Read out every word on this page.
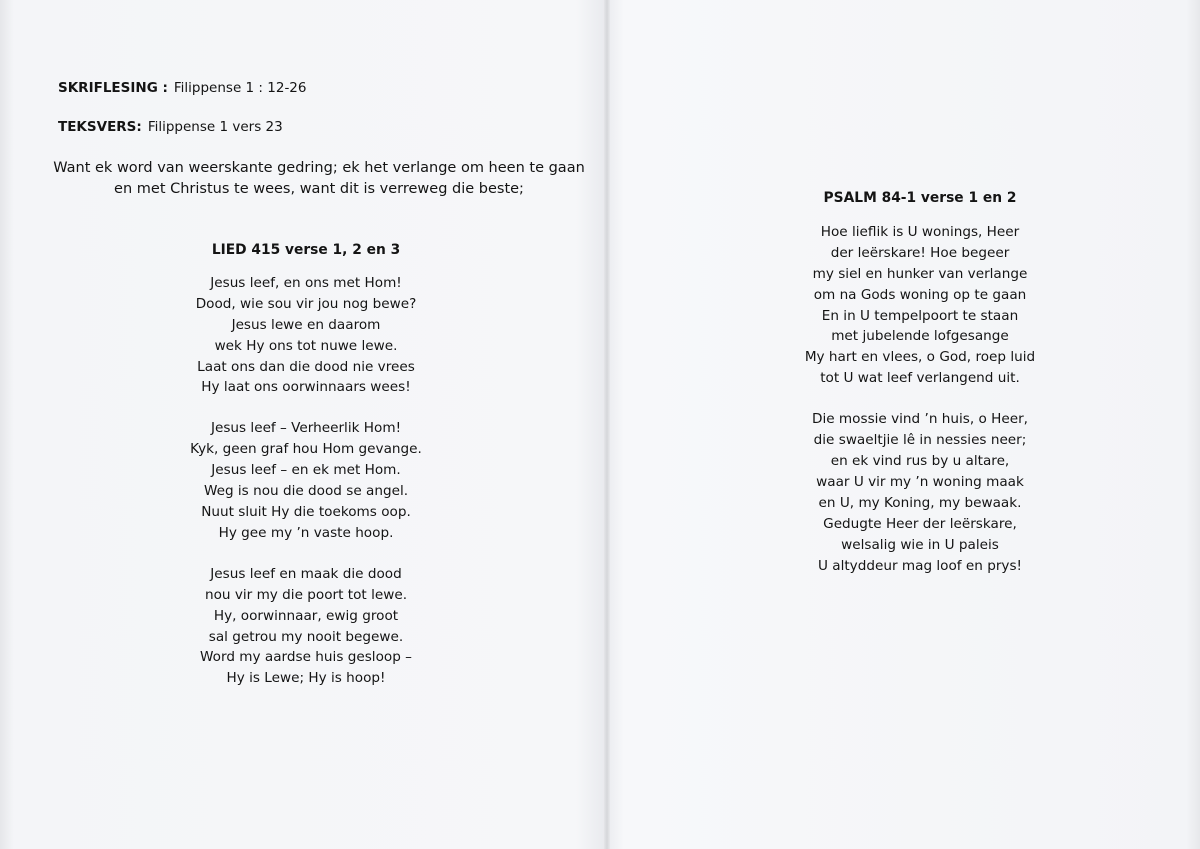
SKRIFLESING : Filippense 1 : 12-26
TEKSVERS: Filippense 1 vers 23
Want ek word van weerskante gedring; ek het verlange om heen te gaan
en met Christus te wees, want dit is verreweg die beste;
LIED 415 verse 1, 2 en 3
Jesus leef, en ons met Hom!
Dood, wie sou vir jou nog bewe?
Jesus lewe en daarom
wek Hy ons tot nuwe lewe.
Laat ons dan die dood nie vrees
Hy laat ons oorwinnaars wees!
Jesus leef – Verheerlik Hom!
Kyk, geen graf hou Hom gevange.
Jesus leef – en ek met Hom.
Weg is nou die dood se angel.
Nuut sluit Hy die toekoms oop.
Hy gee my ’n vaste hoop.
Jesus leef en maak die dood
nou vir my die poort tot lewe.
Hy, oorwinnaar, ewig groot
sal getrou my nooit begewe.
Word my aardse huis gesloop –
Hy is Lewe; Hy is hoop!
PSALM 84-1 verse 1 en 2
Hoe lieflik is U wonings, Heer
der leërskare! Hoe begeer
my siel en hunker van verlange
om na Gods woning op te gaan
En in U tempelpoort te staan
met jubelende lofgesange
My hart en vlees, o God, roep luid
tot U wat leef verlangend uit.
Die mossie vind ’n huis, o Heer,
die swaeltjie lê in nessies neer;
en ek vind rus by u altare,
waar U vir my ’n woning maak
en U, my Koning, my bewaak.
Gedugte Heer der leërskare,
welsalig wie in U paleis
U altyddeur mag loof en prys!
